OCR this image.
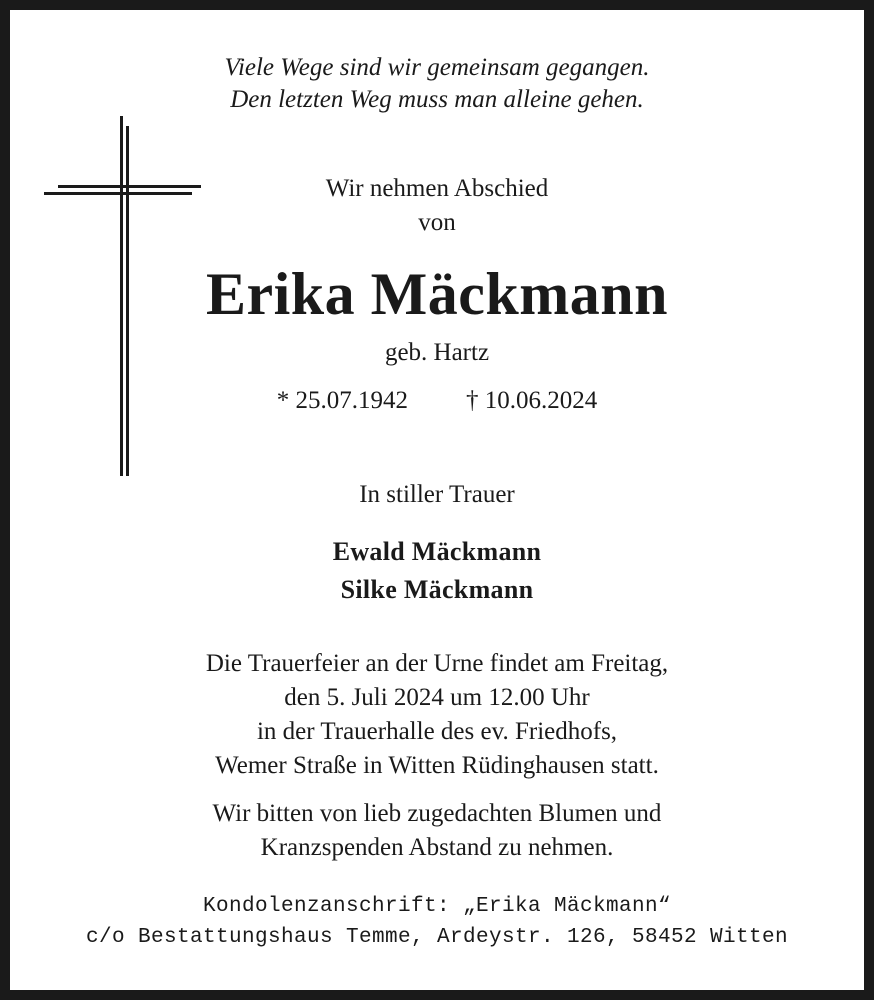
Viele Wege sind wir gemeinsam gegangen.
Den letzten Weg muss man alleine gehen.
Wir nehmen Abschied
von
Erika Mäckmann
geb. Hartz
* 25.07.1942 † 10.06.2024
In stiller Trauer
Ewald Mäckmann
Silke Mäckmann
Die Trauerfeier an der Urne findet am Freitag,
den 5. Juli 2024 um 12.00 Uhr
in der Trauerhalle des ev. Friedhofs,
Wemer Straße in Witten Rüdinghausen statt.
Wir bitten von lieb zugedachten Blumen und
Kranzspenden Abstand zu nehmen.
Kondolenzanschrift: „Erika Mäckmann“
c/o Bestattungshaus Temme, Ardeystr. 126, 58452 Witten
